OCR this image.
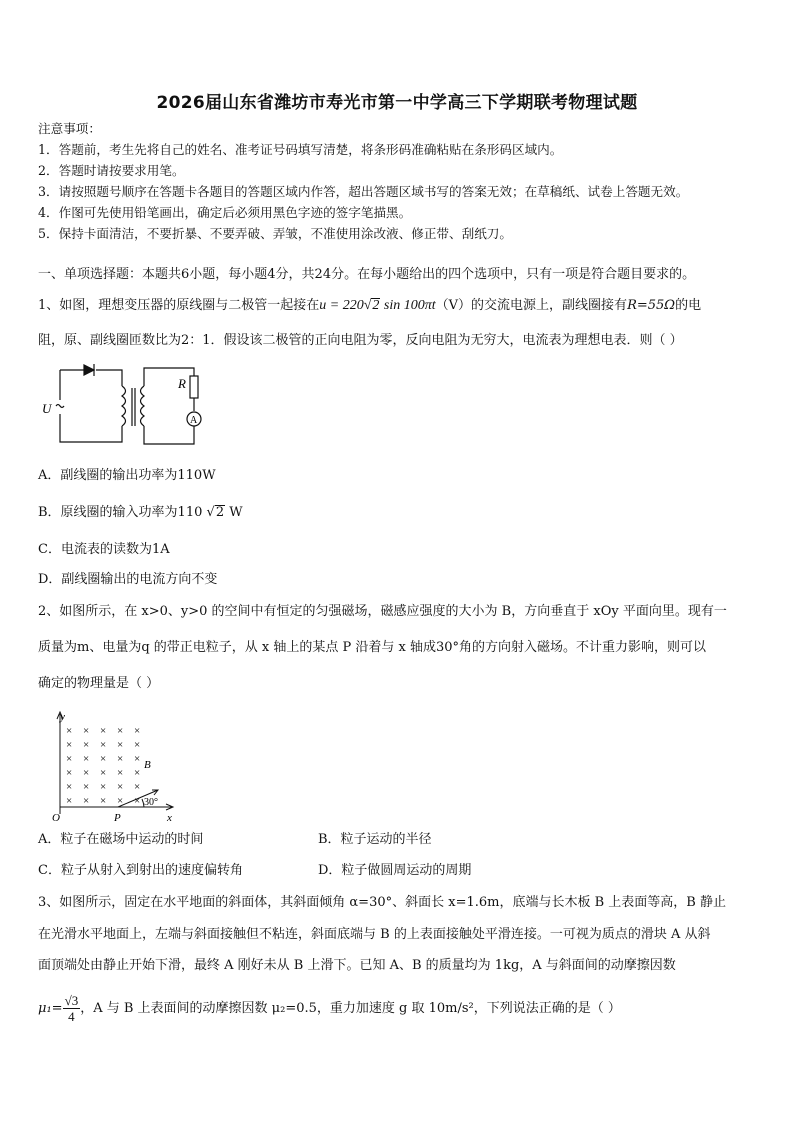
2026届山东省潍坊市寿光市第一中学高三下学期联考物理试题
注意事项：
1．答题前，考生先将自己的姓名、准考证号码填写清楚，将条形码准确粘贴在条形码区域内。
2．答题时请按要求用笔。
3．请按照题号顺序在答题卡各题目的答题区域内作答，超出答题区域书写的答案无效；在草稿纸、试卷上答题无效。
4．作图可先使用铅笔画出，确定后必须用黑色字迹的签字笔描黑。
5．保持卡面清洁，不要折暴、不要弄破、弄皱，不准使用涂改液、修正带、刮纸刀。
一、单项选择题：本题共6小题，每小题4分，共24分。在每小题给出的四个选项中，只有一项是符合题目要求的。
1、如图，理想变压器的原线圈与二极管一起接在u = 220√2 sin 100πt（V）的交流电源上，副线圈接有R=55Ω的电
阻，原、副线圈匝数比为2：1．假设该二极管的正向电阻为零，反向电阻为无穷大，电流表为理想电表．则（ ）
U
R
A
A．副线圈的输出功率为110W
B．原线圈的输入功率为110 √2 W
C．电流表的读数为1A
D．副线圈输出的电流方向不变
2、如图所示，在 x>0、y>0 的空间中有恒定的匀强磁场，磁感应强度的大小为 B，方向垂直于 xOy 平面向里。现有一
质量为m、电量为q 的带正电粒子，从 x 轴上的某点 P 沿着与 x 轴成30°角的方向射入磁场。不计重力影响，则可以
确定的物理量是（ ）
× × × × ×
× × × × ×
× × × × ×
× × × × ×
× × × × ×
× × × × ×
y
x
O	P
B
30°
A．粒子在磁场中运动的时间	B．粒子运动的半径
C．粒子从射入到射出的速度偏转角	D．粒子做圆周运动的周期
3、如图所示，固定在水平地面的斜面体，其斜面倾角 α=30°、斜面长 x=1.6m，底端与长木板 B 上表面等高，B 静止
在光滑水平地面上，左端与斜面接触但不粘连，斜面底端与 B 的上表面接触处平滑连接。一可视为质点的滑块 A 从斜
面顶端处由静止开始下滑，最终 A 刚好未从 B 上滑下。已知 A、B 的质量均为 1kg，A 与斜面间的动摩擦因数
$\mu_1= \frac{√3}{4}$ ，A 与 B 上表面间的动摩擦因数 μ₂=0.5，重力加速度 g 取 10m/s²，下列说法正确的是（ ）
